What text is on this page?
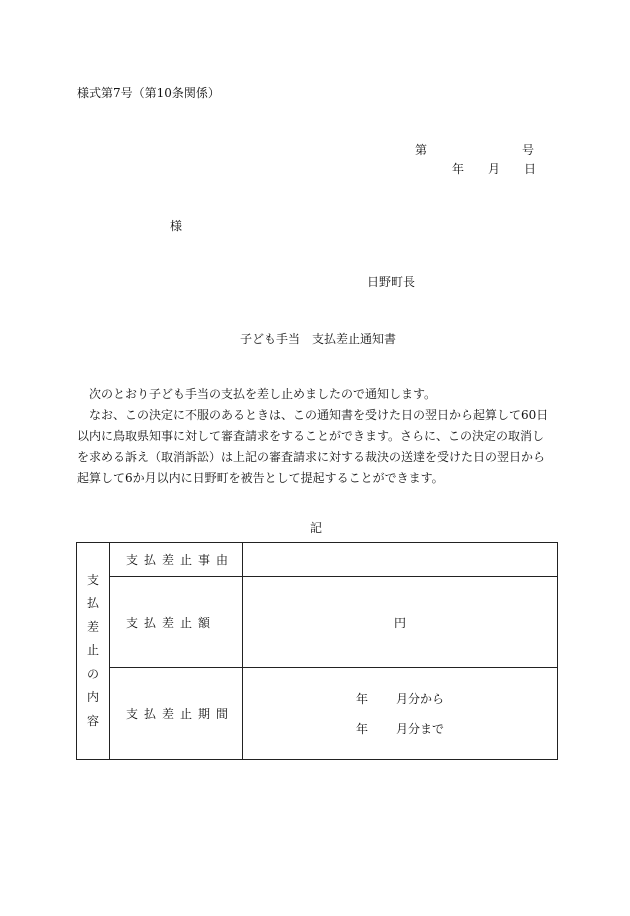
様式第7号（第10条関係）
第	号
年 月 日
様
日野町長
子ども手当　支払差止通知書

次のとおり子ども手当の支払を差し止めましたので通知します。

なお、この決定に不服のあるときは、この通知書を受けた日の翌日から起算して60日以内に鳥取県知事に対して審査請求をすることができます。さらに、この決定の取消しを求める訴え（取消訴訟）は上記の審査請求に対する裁決の送達を受けた日の翌日から起算して6か月以内に日野町を被告として提起することができます。

記
支払差止の内容	支払差止事由	
	支払差止額	円
	支払差止期間	年 月分から
年 月分まで
